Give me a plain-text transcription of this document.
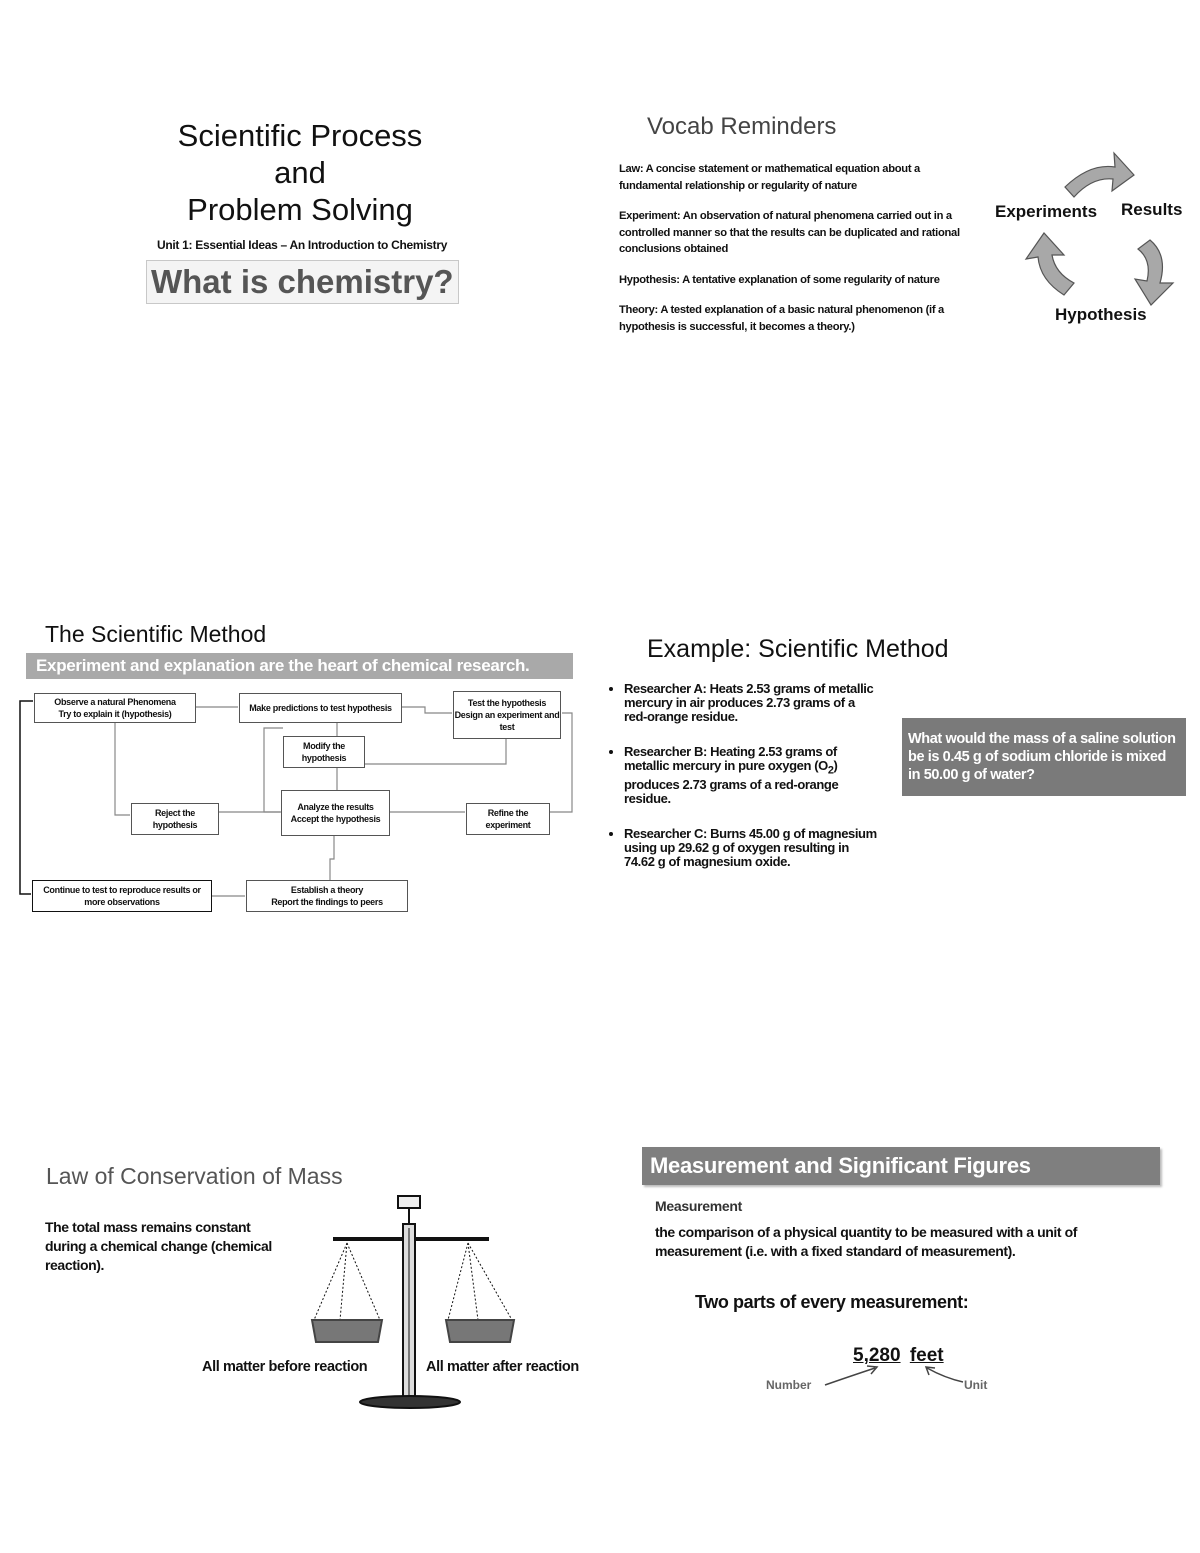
Scientific Process
and
Problem Solving
Unit 1: Essential Ideas – An Introduction to Chemistry
What is chemistry?
Vocab Reminders

Law: A concise statement or mathematical equation about a fundamental relationship or regularity of nature

Experiment: An observation of natural phenomena carried out in a controlled manner so that the results can be duplicated and rational conclusions obtained

Hypothesis: A tentative explanation of some regularity of nature

Theory: A tested explanation of a basic natural phenomenon (if a hypothesis is successful, it becomes a theory.)

Experiments Results
Hypothesis
The Scientific Method
Experiment and explanation are the heart of chemical research.
Observe a natural Phenomena
Try to explain it (hypothesis)
Make predictions to test hypothesis	Test the hypothesis
Design an experiment and test
Modify the hypothesis
Analyze the results
Accept the hypothesis
Reject the hypothesis
Refine the experiment
Continue to test to reproduce results or more observations
Establish a theory
Report the findings to peers
Example: Scientific Method
• Researcher A: Heats 2.53 grams of metallic mercury in air produces 2.73 grams of a red-orange residue.
• Researcher B: Heating 2.53 grams of metallic mercury in pure oxygen $(O_2)$ produces 2.73 grams of a red-orange residue.
• Researcher C: Burns 45.00 g of magnesium using up 29.62 g of oxygen resulting in 74.62 g of magnesium oxide.
What would the mass of a saline solution be is 0.45 g of sodium chloride is mixed in 50.00 g of water?
Law of Conservation of Mass
The total mass remains constant during a chemical change (chemical reaction).
All matter before reaction	All matter after reaction
Measurement and Significant Figures
Measurement
the comparison of a physical quantity to be measured with a unit of measurement (i.e. with a fixed standard of measurement).
Two parts of every measurement:
5,280 feet
Number	Unit
